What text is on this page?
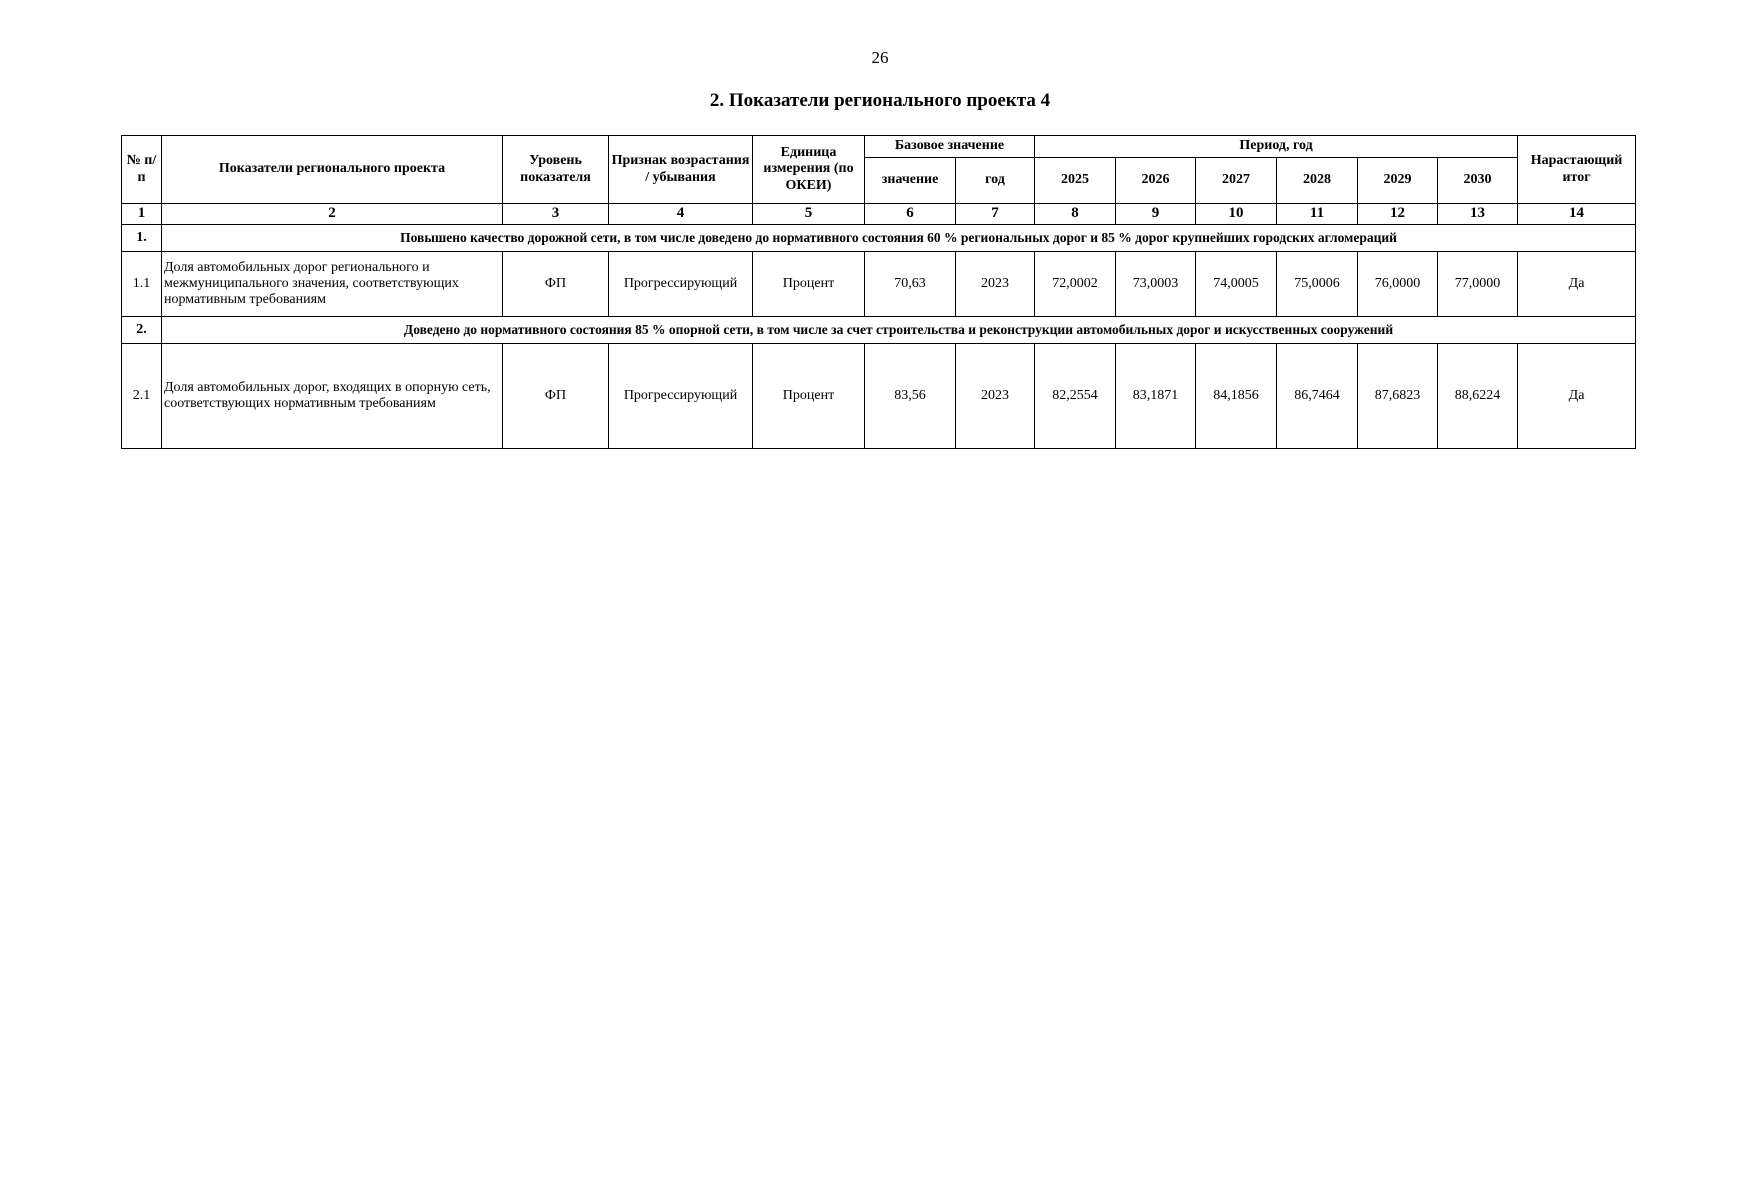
26
2. Показатели регионального проекта 4
№ п/п	Показатели регионального проекта	Уровень показателя	Признак возрастания / убывания	Единица измерения (по ОКЕИ)	Базовое значение		Период, год						Нарастающий итог
					значение	год	2025	2026	2027	2028	2029	2030	
1	2	3	4	5	6	7	8	9	10	11	12	13	14
1.	Повышено качество дорожной сети, в том числе доведено до нормативного состояния 60 % региональных дорог и 85 % дорог крупнейших городских агломераций												
1.1	Доля автомобильных дорог регионального и межмуниципального значения, соответствующих нормативным требованиям	ФП	Прогрессирующий	Процент	70,63	2023	72,0002	73,0003	74,0005	75,0006	76,0000	77,0000	Да
2.	Доведено до нормативного состояния 85 % опорной сети, в том числе за счет строительства и реконструкции автомобильных дорог и искусственных сооружений												
2.1	Доля автомобильных дорог, входящих в опорную сеть, соответствующих нормативным требованиям	ФП	Прогрессирующий	Процент	83,56	2023	82,2554	83,1871	84,1856	86,7464	87,6823	88,6224	Да
